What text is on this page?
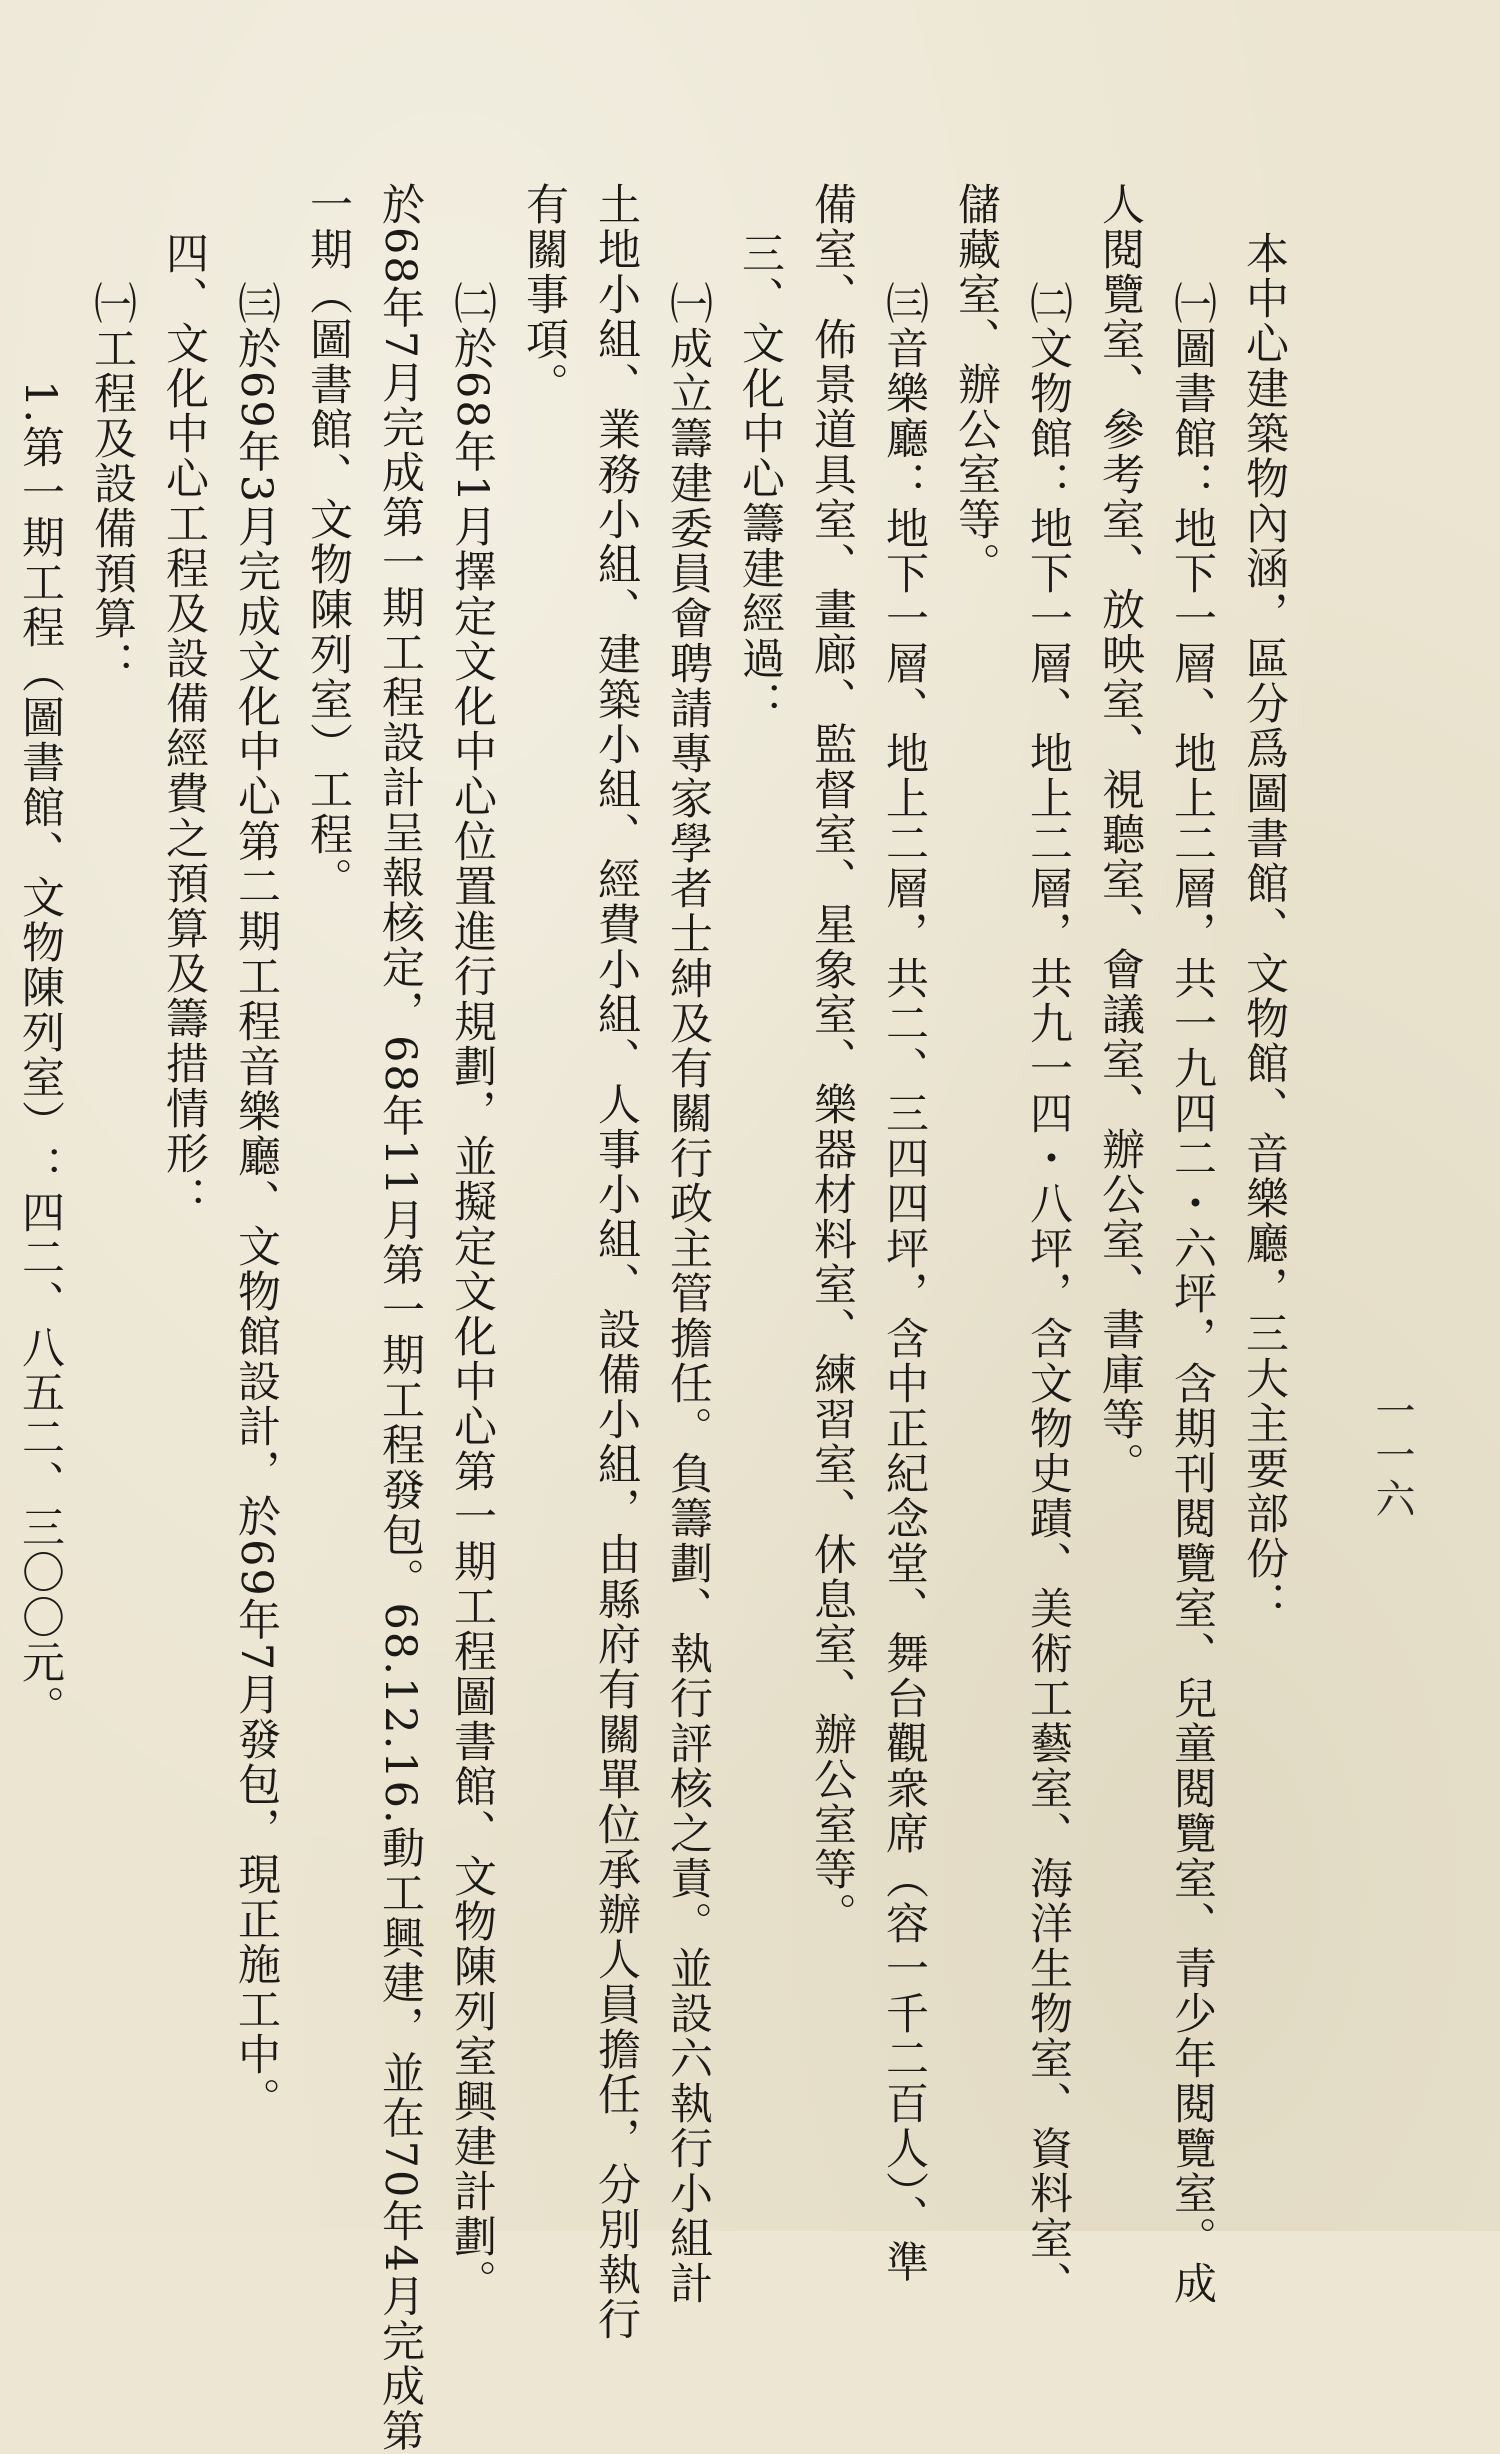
一一六
本中心建築物內涵，區分爲圖書館、文物館、音樂廳，三大主要部份：
㈠圖書館：地下一層、地上二層，共一九四二・六坪，含期刊閱覽室、兒童閱覽室、青少年閱覽室。成
人閱覽室、參考室、放映室、視聽室、會議室、辦公室、書庫等。
㈡文物館：地下一層、地上二層，共九一四・八坪，含文物史蹟、美術工藝室、海洋生物室、資料室、
儲藏室、辦公室等。
㈢音樂廳：地下一層、地上二層，共二、三四四坪，含中正紀念堂、舞台觀衆席（容一千二百人）、準
備室、佈景道具室、畫廊、監督室、星象室、樂器材料室、練習室、休息室、辦公室等。
三、文化中心籌建經過：
㈠成立籌建委員會聘請專家學者士紳及有關行政主管擔任。負籌劃、執行評核之責。並設六執行小組計
土地小組、業務小組、建築小組、經費小組、人事小組、設備小組，由縣府有關單位承辦人員擔任，分別執行
有關事項。
㈡於68年1月擇定文化中心位置進行規劃，並擬定文化中心第一期工程圖書館、文物陳列室興建計劃。
於68年7月完成第一期工程設計呈報核定，68年11月第一期工程發包。68.12.16.動工興建，並在70年4月完成第
一期（圖書館、文物陳列室）工程。
㈢於69年3月完成文化中心第二期工程音樂廳、文物館設計，於69年7月發包，現正施工中。
四、文化中心工程及設備經費之預算及籌措情形：
㈠工程及設備預算：
1.第一期工程（圖書館、文物陳列室）：四二、八五二、三〇〇元。
